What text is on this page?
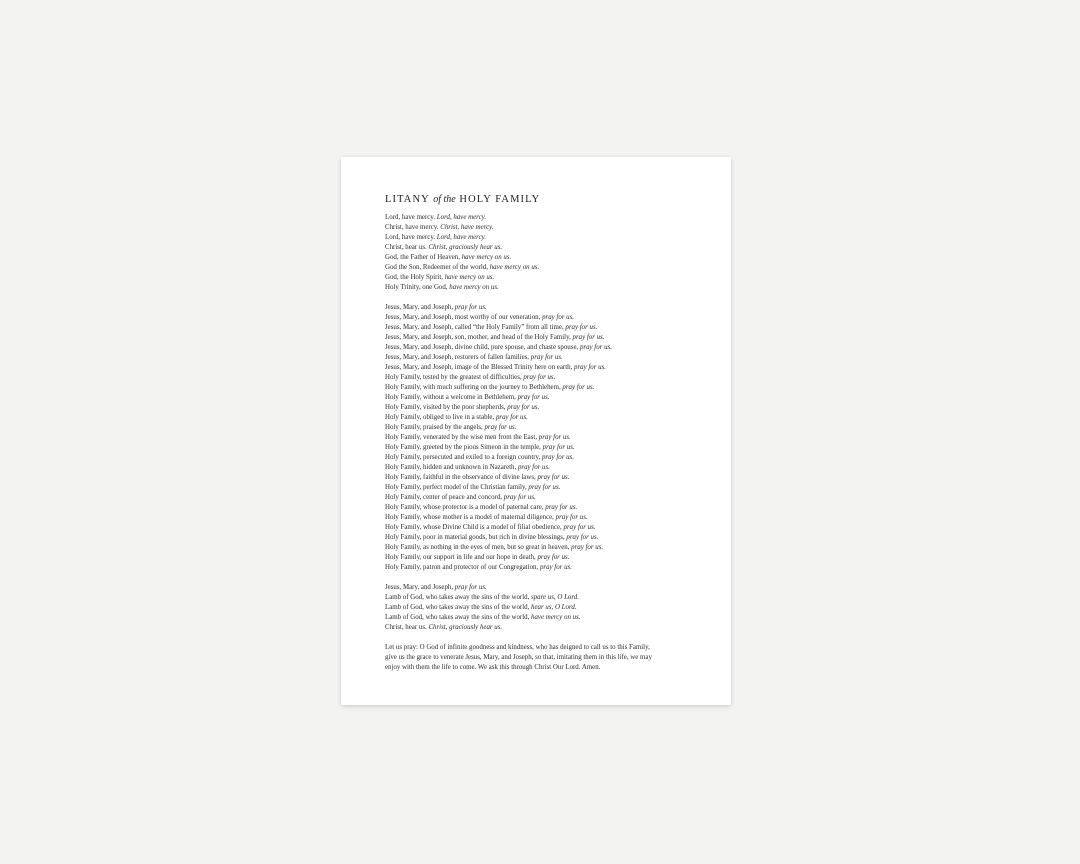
LITANY of the HOLY FAMILY
Lord, have mercy. Lord, have mercy.
Christ, have mercy. Christ, have mercy.
Lord, have mercy. Lord, have mercy.
Christ, hear us. Christ, graciously hear us.
God, the Father of Heaven, have mercy on us.
God the Son, Redeemer of the world, have mercy on us.
God, the Holy Spirit, have mercy on us.
Holy Trinity, one God, have mercy on us.
Jesus, Mary, and Joseph, pray for us.
Jesus, Mary, and Joseph, most worthy of our veneration, pray for us.
Jesus, Mary, and Joseph, called “the Holy Family” from all time, pray for us.
Jesus, Mary, and Joseph, son, mother, and head of the Holy Family, pray for us.
Jesus, Mary, and Joseph, divine child, pure spouse, and chaste spouse, pray for us.
Jesus, Mary, and Joseph, restorers of fallen families, pray for us.
Jesus, Mary, and Joseph, image of the Blessed Trinity here on earth, pray for us.
Holy Family, tested by the greatest of difficulties, pray for us.
Holy Family, with much suffering on the journey to Bethlehem, pray for us.
Holy Family, without a welcome in Bethlehem, pray for us.
Holy Family, visited by the poor shepherds, pray for us.
Holy Family, obliged to live in a stable, pray for us.
Holy Family, praised by the angels, pray for us.
Holy Family, venerated by the wise men from the East, pray for us.
Holy Family, greeted by the pious Simeon in the temple, pray for us.
Holy Family, persecuted and exiled to a foreign country, pray for us.
Holy Family, hidden and unknown in Nazareth, pray for us.
Holy Family, faithful in the observance of divine laws, pray for us.
Holy Family, perfect model of the Christian family, pray for us.
Holy Family, center of peace and concord, pray for us.
Holy Family, whose protector is a model of paternal care, pray for us.
Holy Family, whose mother is a model of maternal diligence, pray for us.
Holy Family, whose Divine Child is a model of filial obedience, pray for us.
Holy Family, poor in material goods, but rich in divine blessings, pray for us.
Holy Family, as nothing in the eyes of men, but so great in heaven, pray for us.
Holy Family, our support in life and our hope in death, pray for us.
Holy Family, patron and protector of our Congregation, pray for us.
Jesus, Mary, and Joseph, pray for us.
Lamb of God, who takes away the sins of the world, spare us, O Lord.
Lamb of God, who takes away the sins of the world, hear us, O Lord.
Lamb of God, who takes away the sins of the world, have mercy on us.
Christ, hear us. Christ, graciously hear us.
Let us pray: O God of infinite goodness and kindness, who has deigned to call us to this Family,
give us the grace to venerate Jesus, Mary, and Joseph, so that, imitating them in this life, we may
enjoy with them the life to come. We ask this through Christ Our Lord. Amen.
